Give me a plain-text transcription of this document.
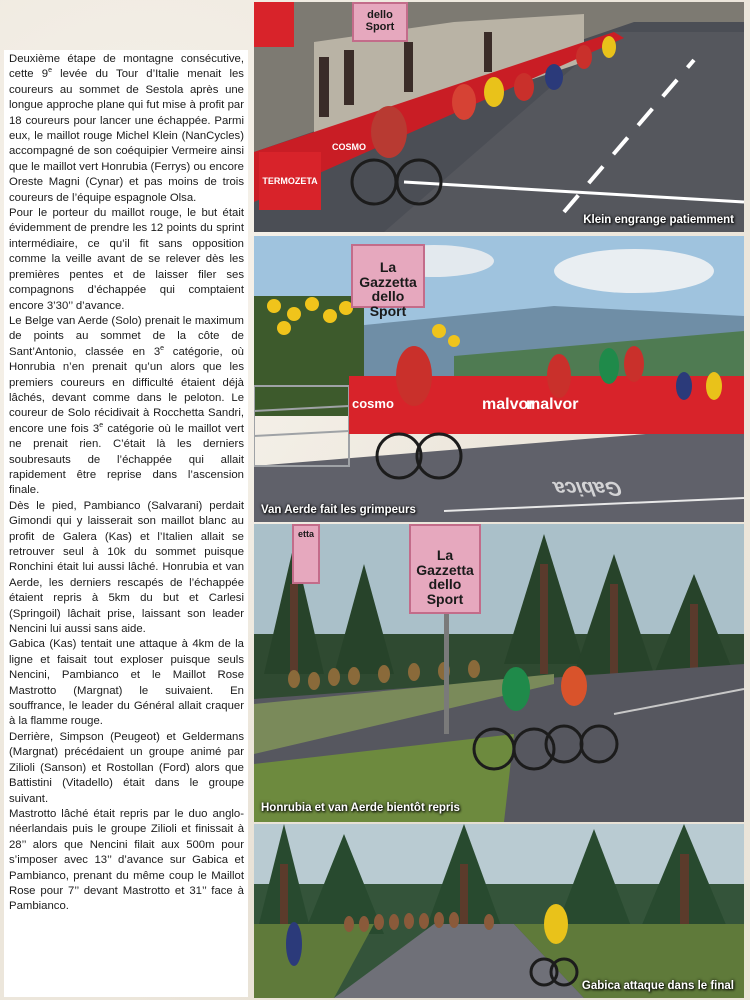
Deuxième étape de montagne consécutive, cette 9e levée du Tour d’Italie menait les coureurs au sommet de Sestola après une longue approche plane qui fut mise à profit par 18 coureurs pour lancer une échappée. Parmi eux, le maillot rouge Michel Klein (NanCycles) accompagné de son coéquipier Vermeire ainsi que le maillot vert Honrubia (Ferrys) ou encore Oreste Magni (Cynar) et pas moins de trois coureurs de l’équipe espagnole Olsa.

Pour le porteur du maillot rouge, le but était évidemment de prendre les 12 points du sprint intermédiaire, ce qu’il fit sans opposition comme la veille avant de se relever dès les premières pentes et de laisser filer ses compagnons d’échappée qui comptaient encore 3’30’’ d’avance.

Le Belge van Aerde (Solo) prenait le maximum de points au sommet de la côte de Sant’Antonio, classée en 3e catégorie, où Honrubia n’en prenait qu’un alors que les premiers coureurs en difficulté étaient déjà lâchés, devant comme dans le peloton. Le coureur de Solo récidivait à Rocchetta Sandri, encore une fois 3e catégorie où le maillot vert ne prenait rien. C’était là les derniers soubresauts de l’échappée qui allait rapidement être reprise dans l’ascension finale.

Dès le pied, Pambianco (Salvarani) perdait Gimondi qui y laisserait son maillot blanc au profit de Galera (Kas) et l’Italien allait se retrouver seul à 10k du sommet puisque Ronchini était lui aussi lâché. Honrubia et van Aerde, les derniers rescapés de l’échappée étaient repris à 5km du but et Carlesi (Springoil) lâchait prise, laissant son leader Nencini lui aussi sans aide.

Gabica (Kas) tentait une attaque à 4km de la ligne et faisait tout exploser puisque seuls Nencini, Pambianco et le Maillot Rose Mastrotto (Margnat) le suivaient. En souffrance, le leader du Général allait craquer à la flamme rouge.

Derrière, Simpson (Peugeot) et Geldermans (Margnat) précédaient un groupe animé par Zilioli (Sanson) et Rostollan (Ford) alors que Battistini (Vitadello) était dans le groupe suivant.

Mastrotto lâché était repris par le duo anglo-néerlandais puis le groupe Zilioli et finissait à 28’’ alors que Nencini filait aux 500m pour s’imposer avec 13’’ d’avance sur Gabica et Pambianco, prenant du même coup le Maillot Rose pour 7’’ devant Mastrotto et 31’’ face à Pambianco.

dello Sport
TERMOZETA
COSMO
Klein engrange patiemment
La Gazzetta
dello Sport
cosmo	malvor
malvor
Gabica
Van Aerde fait les grimpeurs
etta
La Gazzetta
dello Sport
Honrubia et van Aerde bientôt repris
Gabica attaque dans le final
